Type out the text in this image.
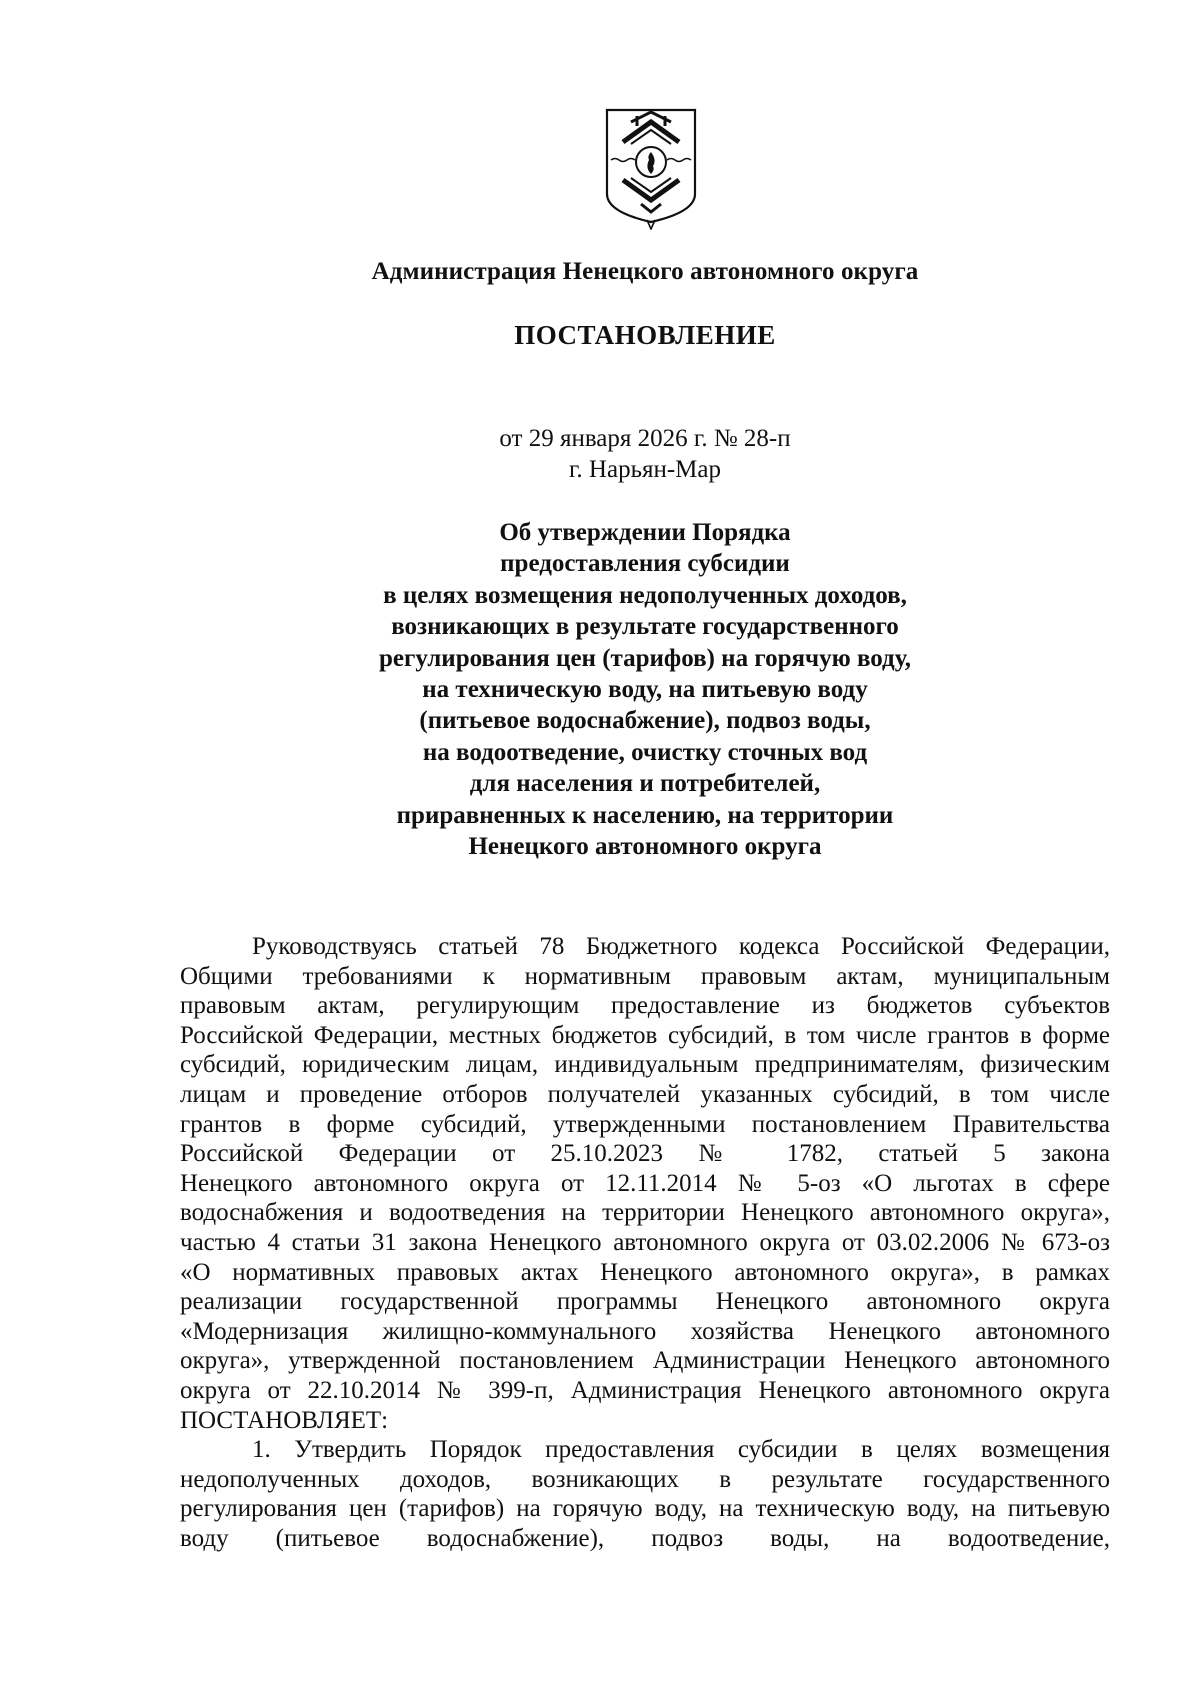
Администрация Ненецкого автономного округа
ПОСТАНОВЛЕНИЕ
от 29 января 2026 г. № 28-п
г. Нарьян-Мар
Об утверждении Порядка
предоставления субсидии
в целях возмещения недополученных доходов,
возникающих в результате государственного
регулирования цен (тарифов) на горячую воду,
на техническую воду, на питьевую воду
(питьевое водоснабжение), подвоз воды,
на водоотведение, очистку сточных вод
для населения и потребителей,
приравненных к населению, на территории
Ненецкого автономного округа
Руководствуясь статьей 78 Бюджетного кодекса Российской Федерации,
Общими требованиями к нормативным правовым актам, муниципальным
правовым актам, регулирующим предоставление из бюджетов субъектов
Российской Федерации, местных бюджетов субсидий, в том числе грантов в форме
субсидий, юридическим лицам, индивидуальным предпринимателям, физическим
лицам и проведение отборов получателей указанных субсидий, в том числе
грантов в форме субсидий, утвержденными постановлением Правительства
Российской Федерации от 25.10.2023 № 1782, статьей 5 закона
Ненецкого автономного округа от 12.11.2014 № 5-оз «О льготах в сфере
водоснабжения и водоотведения на территории Ненецкого автономного округа»,
частью 4 статьи 31 закона Ненецкого автономного округа от 03.02.2006 № 673-оз
«О нормативных правовых актах Ненецкого автономного округа», в рамках
реализации государственной программы Ненецкого автономного округа
«Модернизация жилищно-коммунального хозяйства Ненецкого автономного
округа», утвержденной постановлением Администрации Ненецкого автономного
округа от 22.10.2014 № 399-п, Администрация Ненецкого автономного округа
ПОСТАНОВЛЯЕТ:
1. Утвердить Порядок предоставления субсидии в целях возмещения
недополученных доходов, возникающих в результате государственного
регулирования цен (тарифов) на горячую воду, на техническую воду, на питьевую
воду (питьевое водоснабжение), подвоз воды, на водоотведение,
